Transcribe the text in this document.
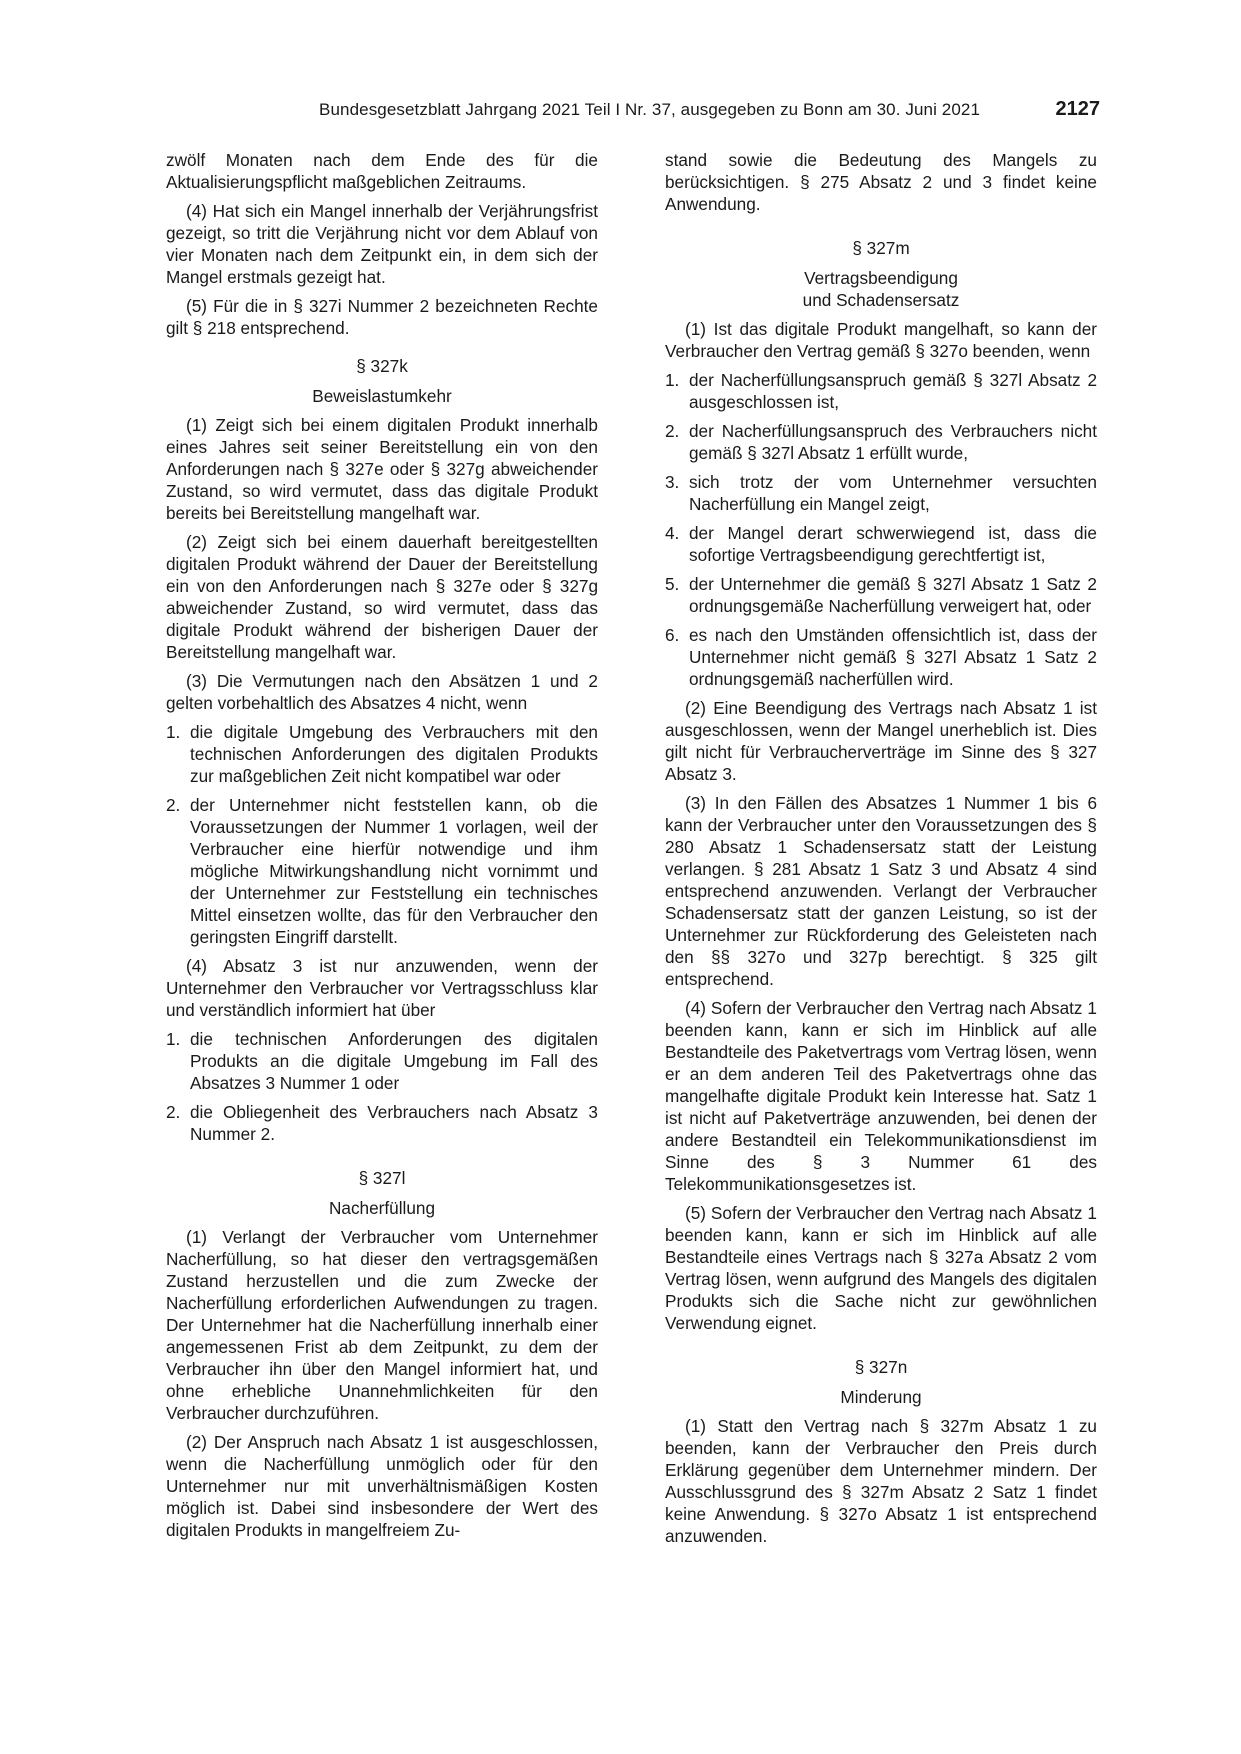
Bundesgesetzblatt Jahrgang 2021 Teil I Nr. 37, ausgegeben zu Bonn am 30. Juni 2021	2127

zwölf Monaten nach dem Ende des für die Aktualisierungspflicht maßgeblichen Zeitraums.

(4) Hat sich ein Mangel innerhalb der Verjährungsfrist gezeigt, so tritt die Verjährung nicht vor dem Ablauf von vier Monaten nach dem Zeitpunkt ein, in dem sich der Mangel erstmals gezeigt hat.

(5) Für die in § 327i Nummer 2 bezeichneten Rechte gilt § 218 entsprechend.

§ 327k
Beweislastumkehr

(1) Zeigt sich bei einem digitalen Produkt innerhalb eines Jahres seit seiner Bereitstellung ein von den Anforderungen nach § 327e oder § 327g abweichender Zustand, so wird vermutet, dass das digitale Produkt bereits bei Bereitstellung mangelhaft war.

(2) Zeigt sich bei einem dauerhaft bereitgestellten digitalen Produkt während der Dauer der Bereitstellung ein von den Anforderungen nach § 327e oder § 327g abweichender Zustand, so wird vermutet, dass das digitale Produkt während der bisherigen Dauer der Bereitstellung mangelhaft war.

(3) Die Vermutungen nach den Absätzen 1 und 2 gelten vorbehaltlich des Absatzes 4 nicht, wenn

1. die digitale Umgebung des Verbrauchers mit den technischen Anforderungen des digitalen Produkts zur maßgeblichen Zeit nicht kompatibel war oder
2. der Unternehmer nicht feststellen kann, ob die Voraussetzungen der Nummer 1 vorlagen, weil der Verbraucher eine hierfür notwendige und ihm mögliche Mitwirkungshandlung nicht vornimmt und der Unternehmer zur Feststellung ein technisches Mittel einsetzen wollte, das für den Verbraucher den geringsten Eingriff darstellt.

(4) Absatz 3 ist nur anzuwenden, wenn der Unternehmer den Verbraucher vor Vertragsschluss klar und verständlich informiert hat über

1. die technischen Anforderungen des digitalen Produkts an die digitale Umgebung im Fall des Absatzes 3 Nummer 1 oder
2. die Obliegenheit des Verbrauchers nach Absatz 3 Nummer 2.
§ 327l
Nacherfüllung

(1) Verlangt der Verbraucher vom Unternehmer Nacherfüllung, so hat dieser den vertragsgemäßen Zustand herzustellen und die zum Zwecke der Nacherfüllung erforderlichen Aufwendungen zu tragen. Der Unternehmer hat die Nacherfüllung innerhalb einer angemessenen Frist ab dem Zeitpunkt, zu dem der Verbraucher ihn über den Mangel informiert hat, und ohne erhebliche Unannehmlichkeiten für den Verbraucher durchzuführen.

(2) Der Anspruch nach Absatz 1 ist ausgeschlossen, wenn die Nacherfüllung unmöglich oder für den Unternehmer nur mit unverhältnismäßigen Kosten möglich ist. Dabei sind insbesondere der Wert des digitalen Produkts in mangelfreiem Zu-

stand sowie die Bedeutung des Mangels zu berücksichtigen. § 275 Absatz 2 und 3 findet keine Anwendung.

§ 327m
Vertragsbeendigung
und Schadensersatz

(1) Ist das digitale Produkt mangelhaft, so kann der Verbraucher den Vertrag gemäß § 327o beenden, wenn

1. der Nacherfüllungsanspruch gemäß § 327l Absatz 2 ausgeschlossen ist,
2. der Nacherfüllungsanspruch des Verbrauchers nicht gemäß § 327l Absatz 1 erfüllt wurde,
3. sich trotz der vom Unternehmer versuchten Nacherfüllung ein Mangel zeigt,
4. der Mangel derart schwerwiegend ist, dass die sofortige Vertragsbeendigung gerechtfertigt ist,
5. der Unternehmer die gemäß § 327l Absatz 1 Satz 2 ordnungsgemäße Nacherfüllung verweigert hat, oder
6. es nach den Umständen offensichtlich ist, dass der Unternehmer nicht gemäß § 327l Absatz 1 Satz 2 ordnungsgemäß nacherfüllen wird.

(2) Eine Beendigung des Vertrags nach Absatz 1 ist ausgeschlossen, wenn der Mangel unerheblich ist. Dies gilt nicht für Verbraucherverträge im Sinne des § 327 Absatz 3.

(3) In den Fällen des Absatzes 1 Nummer 1 bis 6 kann der Verbraucher unter den Voraussetzungen des § 280 Absatz 1 Schadensersatz statt der Leistung verlangen. § 281 Absatz 1 Satz 3 und Absatz 4 sind entsprechend anzuwenden. Verlangt der Verbraucher Schadensersatz statt der ganzen Leistung, so ist der Unternehmer zur Rückforderung des Geleisteten nach den §§ 327o und 327p berechtigt. § 325 gilt entsprechend.

(4) Sofern der Verbraucher den Vertrag nach Absatz 1 beenden kann, kann er sich im Hinblick auf alle Bestandteile des Paketvertrags vom Vertrag lösen, wenn er an dem anderen Teil des Paketvertrags ohne das mangelhafte digitale Produkt kein Interesse hat. Satz 1 ist nicht auf Paketverträge anzuwenden, bei denen der andere Bestandteil ein Telekommunikationsdienst im Sinne des § 3 Nummer 61 des Telekommunikationsgesetzes ist.

(5) Sofern der Verbraucher den Vertrag nach Absatz 1 beenden kann, kann er sich im Hinblick auf alle Bestandteile eines Vertrags nach § 327a Absatz 2 vom Vertrag lösen, wenn aufgrund des Mangels des digitalen Produkts sich die Sache nicht zur gewöhnlichen Verwendung eignet.

§ 327n
Minderung

(1) Statt den Vertrag nach § 327m Absatz 1 zu beenden, kann der Verbraucher den Preis durch Erklärung gegenüber dem Unternehmer mindern. Der Ausschlussgrund des § 327m Absatz 2 Satz 1 findet keine Anwendung. § 327o Absatz 1 ist entsprechend anzuwenden.
